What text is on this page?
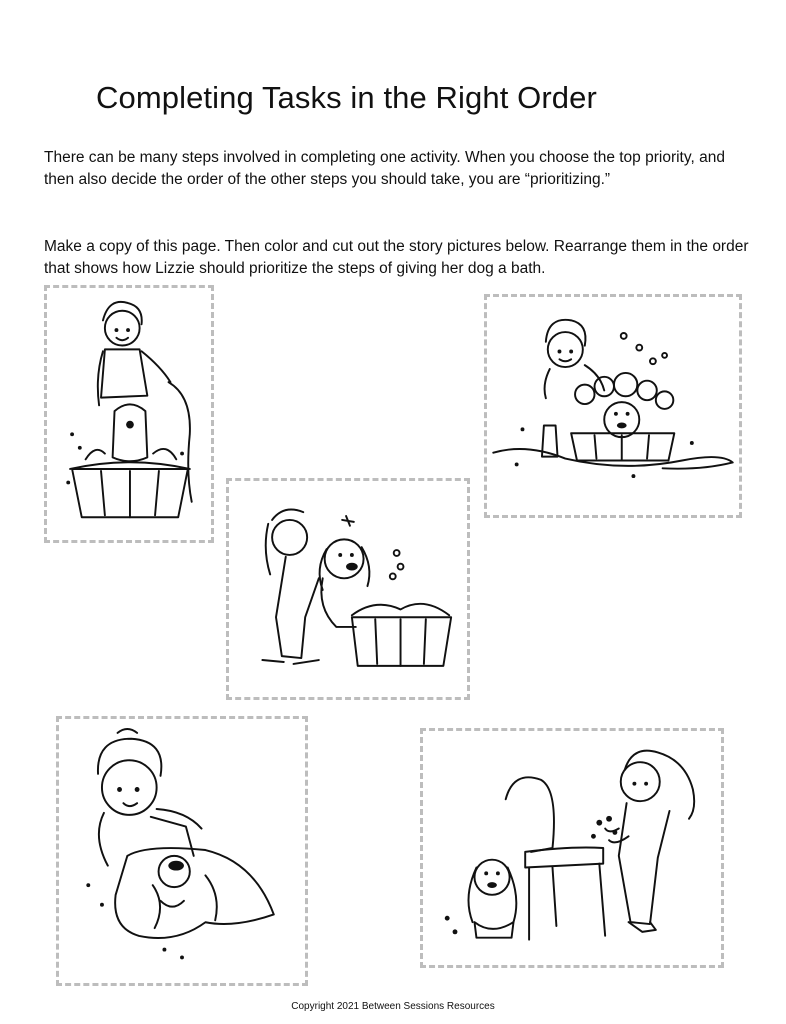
Completing Tasks in the Right Order
There can be many steps involved in completing one activity. When you choose the top priority, and then also decide the order of the other steps you should take, you are “prioritizing.”
Make a copy of this page. Then color and cut out the story pictures below. Rearrange them in the order that shows how Lizzie should prioritize the steps of giving her dog a bath.
Copyright 2021 Between Sessions Resources
